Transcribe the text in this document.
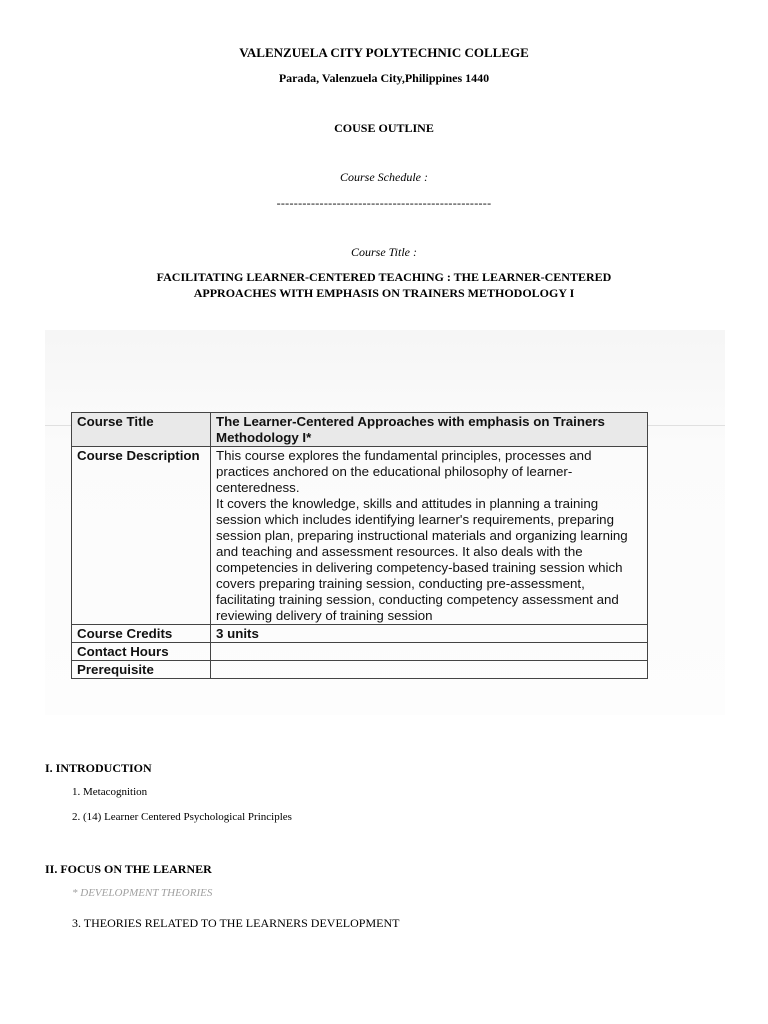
VALENZUELA CITY POLYTECHNIC COLLEGE
Parada, Valenzuela City,Philippines 1440
COUSE OUTLINE
Course Schedule :
--------------------------------------------------
Course Title :
FACILITATING LEARNER-CENTERED TEACHING : THE LEARNER-CENTERED
APPROACHES WITH EMPHASIS ON TRAINERS METHODOLOGY I
Course Title	The Learner-Centered Approaches with emphasis on Trainers Methodology I*
Course Description	This course explores the fundamental principles, processes and practices anchored on the educational philosophy of learner-centeredness.
It covers the knowledge, skills and attitudes in planning a training session which includes identifying learner's requirements, preparing session plan, preparing instructional materials and organizing learning and teaching and assessment resources. It also deals with the competencies in delivering competency-based training session which covers preparing training session, conducting pre-assessment, facilitating training session, conducting competency assessment and reviewing delivery of training session

Course Credits	3 units
Contact Hours	
Prerequisite	
I. INTRODUCTION
1. Metacognition
2. (14) Learner Centered Psychological Principles
II. FOCUS ON THE LEARNER
* DEVELOPMENT THEORIES
3. THEORIES RELATED TO THE LEARNERS DEVELOPMENT
